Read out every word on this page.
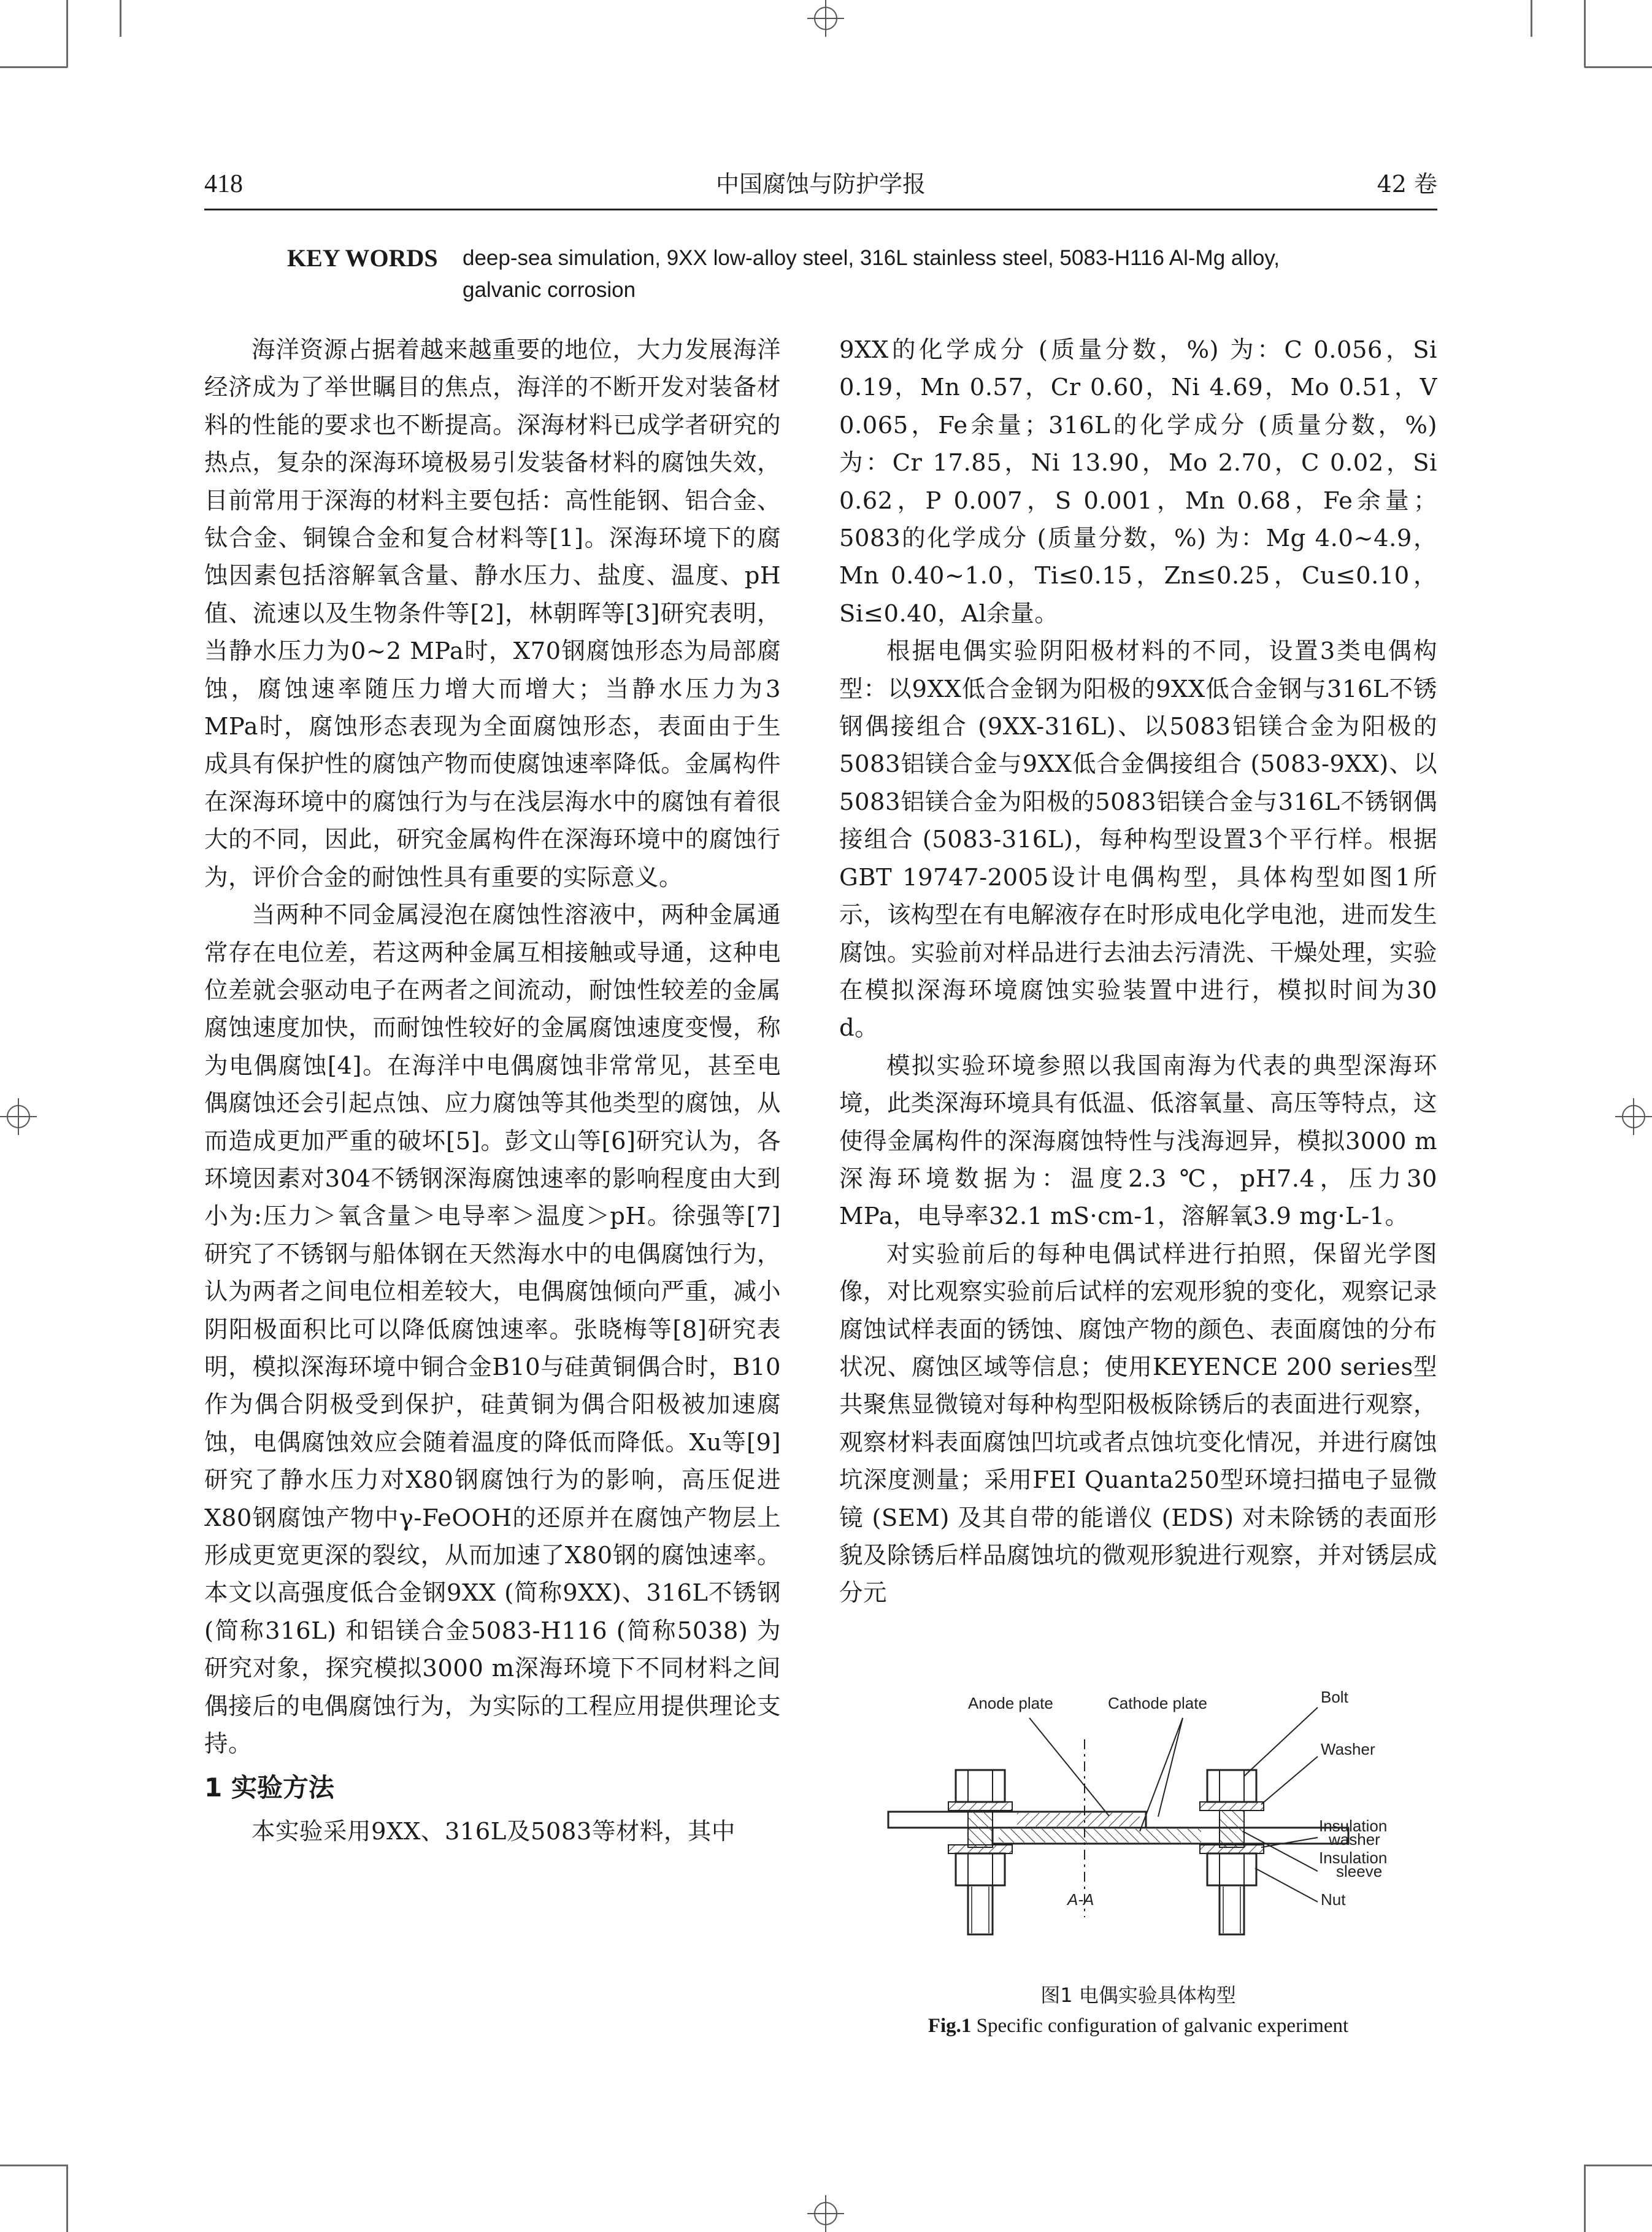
中国腐蚀与防护学报
418	42 卷
KEY WORDS deep-sea simulation, 9XX low-alloy steel, 316L stainless steel, 5083-H116 Al-Mg alloy, galvanic corrosion

海洋资源占据着越来越重要的地位，大力发展海洋经济成为了举世瞩目的焦点，海洋的不断开发对装备材料的性能的要求也不断提高。深海材料已成学者研究的热点，复杂的深海环境极易引发装备材料的腐蚀失效，目前常用于深海的材料主要包括：高性能钢、铝合金、钛合金、铜镍合金和复合材料等[1]。深海环境下的腐蚀因素包括溶解氧含量、静水压力、盐度、温度、pH值、流速以及生物条件等[2]，林朝晖等[3]研究表明，当静水压力为0~2 MPa时，X70钢腐蚀形态为局部腐蚀，腐蚀速率随压力增大而增大；当静水压力为3 MPa时，腐蚀形态表现为全面腐蚀形态，表面由于生成具有保护性的腐蚀产物而使腐蚀速率降低。金属构件在深海环境中的腐蚀行为与在浅层海水中的腐蚀有着很大的不同，因此，研究金属构件在深海环境中的腐蚀行为，评价合金的耐蚀性具有重要的实际意义。

当两种不同金属浸泡在腐蚀性溶液中，两种金属通常存在电位差，若这两种金属互相接触或导通，这种电位差就会驱动电子在两者之间流动，耐蚀性较差的金属腐蚀速度加快，而耐蚀性较好的金属腐蚀速度变慢，称为电偶腐蚀[4]。在海洋中电偶腐蚀非常常见，甚至电偶腐蚀还会引起点蚀、应力腐蚀等其他类型的腐蚀，从而造成更加严重的破坏[5]。彭文山等[6]研究认为，各环境因素对304不锈钢深海腐蚀速率的影响程度由大到小为:压力＞氧含量＞电导率＞温度＞pH。徐强等[7]研究了不锈钢与船体钢在天然海水中的电偶腐蚀行为，认为两者之间电位相差较大，电偶腐蚀倾向严重，减小阴阳极面积比可以降低腐蚀速率。张晓梅等[8]研究表明，模拟深海环境中铜合金B10与硅黄铜偶合时，B10作为偶合阴极受到保护，硅黄铜为偶合阳极被加速腐蚀，电偶腐蚀效应会随着温度的降低而降低。Xu等[9]研究了静水压力对X80钢腐蚀行为的影响，高压促进X80钢腐蚀产物中γ-FeOOH的还原并在腐蚀产物层上形成更宽更深的裂纹，从而加速了X80钢的腐蚀速率。本文以高强度低合金钢9XX (简称9XX)、316L不锈钢 (简称316L) 和铝镁合金5083-H116 (简称5038) 为研究对象，探究模拟3000 m深海环境下不同材料之间偶接后的电偶腐蚀行为，为实际的工程应用提供理论支持。

1 实验方法

本实验采用9XX、316L及5083等材料，其中

9XX的化学成分 (质量分数，%) 为：C 0.056，Si 0.19，Mn 0.57，Cr 0.60，Ni 4.69，Mo 0.51，V 0.065，Fe余量；316L的化学成分 (质量分数，%) 为：Cr 17.85，Ni 13.90，Mo 2.70，C 0.02，Si 0.62，P 0.007，S 0.001，Mn 0.68，Fe余量；5083的化学成分 (质量分数，%) 为：Mg 4.0~4.9，Mn 0.40~1.0，Ti≤0.15，Zn≤0.25，Cu≤0.10，Si≤0.40，Al余量。

根据电偶实验阴阳极材料的不同，设置3类电偶构型：以9XX低合金钢为阳极的9XX低合金钢与316L不锈钢偶接组合 (9XX-316L)、以5083铝镁合金为阳极的5083铝镁合金与9XX低合金偶接组合 (5083-9XX)、以5083铝镁合金为阳极的5083铝镁合金与316L不锈钢偶接组合 (5083-316L)，每种构型设置3个平行样。根据GBT 19747-2005设计电偶构型，具体构型如图1所示，该构型在有电解液存在时形成电化学电池，进而发生腐蚀。实验前对样品进行去油去污清洗、干燥处理，实验在模拟深海环境腐蚀实验装置中进行，模拟时间为30 d。

模拟实验环境参照以我国南海为代表的典型深海环境，此类深海环境具有低温、低溶氧量、高压等特点，这使得金属构件的深海腐蚀特性与浅海迥异，模拟3000 m深海环境数据为：温度2.3 ℃，pH7.4，压力30 MPa，电导率32.1 mS·cm-1，溶解氧3.9 mg·L-1。

对实验前后的每种电偶试样进行拍照，保留光学图像，对比观察实验前后试样的宏观形貌的变化，观察记录腐蚀试样表面的锈蚀、腐蚀产物的颜色、表面腐蚀的分布状况、腐蚀区域等信息；使用KEYENCE 200 series型共聚焦显微镜对每种构型阳极板除锈后的表面进行观察，观察材料表面腐蚀凹坑或者点蚀坑变化情况，并进行腐蚀坑深度测量；采用FEI Quanta250型环境扫描电子显微镜 (SEM) 及其自带的能谱仪 (EDS) 对未除锈的表面形貌及除锈后样品腐蚀坑的微观形貌进行观察，并对锈层成分元

Anode plate	Cathode plate	Bolt
Washer
Insulation
washer
Insulation
sleeve
Nut
A-A
图1 电偶实验具体构型
Fig.1 Specific configuration of galvanic experiment
